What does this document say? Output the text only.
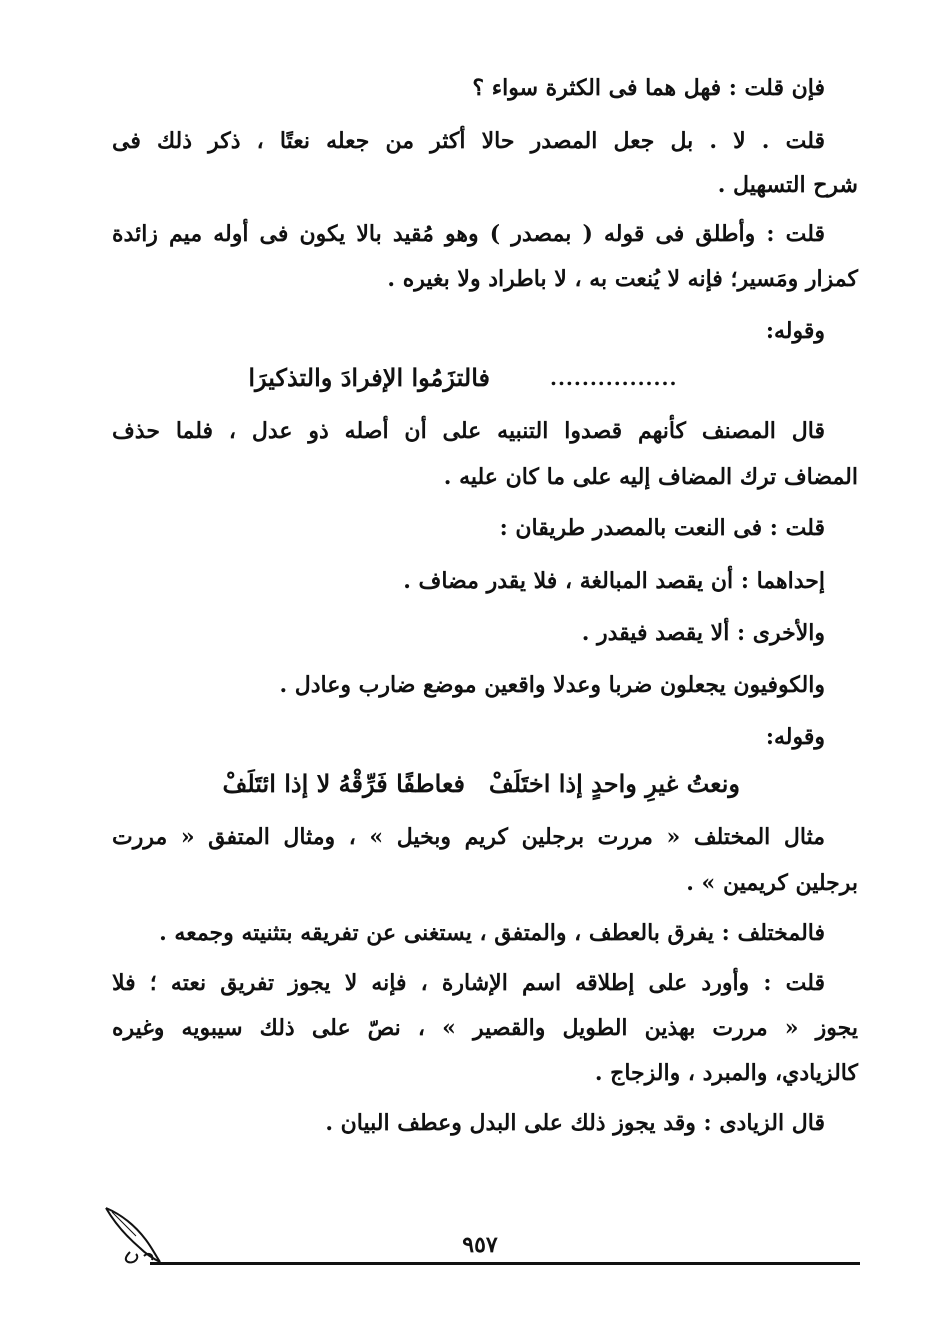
فإن قلت : فهل هما فى الكثرة سواء ؟
قلت . لا . بل جعل المصدر حالا أكثر من جعله نعتًا ، ذكر ذلك فى
شرح التسهيل .
قلت : وأطلق فى قوله ( بمصدر ) وهو مُقيد بالا يكون فى أوله ميم زائدة
كمزار ومَسير؛ فإنه لا يُنعت به ، لا باطراد ولا بغيره .
وقوله:
فالتزَمُوا الإفرادَ والتذكيرَا	................
قال المصنف كأنهم قصدوا التنبيه على أن أصله ذو عدل ، فلما حذف
المضاف ترك المضاف إليه على ما كان عليه .
قلت : فى النعت بالمصدر طريقان :
إحداهما : أن يقصد المبالغة ، فلا يقدر مضاف .
والأخرى : ألا يقصد فيقدر .
والكوفيون يجعلون ضربا وعدلا واقعين موضع ضارب وعادل .
وقوله:
ونعتُ غيرِ واحدٍ إذا اختَلَفْ
فعاطفًا فَرِّقْهُ لا إذا ائتَلَفْ
مثال المختلف « مررت برجلين كريم وبخيل » ، ومثال المتفق « مررت
برجلين كريمين » .
فالمختلف : يفرق بالعطف ، والمتفق ، يستغنى عن تفريقه بتثنيته وجمعه .
قلت : وأورد على إطلاقه اسم الإشارة ، فإنه لا يجوز تفريق نعته ؛ فلا
يجوز « مررت بهذين الطويل والقصير » ، نصّ على ذلك سيبويه وغيره
كالزيادي، والمبرد ، والزجاج .
قال الزيادى : وقد يجوز ذلك على البدل وعطف البيان .
٩٥٧
